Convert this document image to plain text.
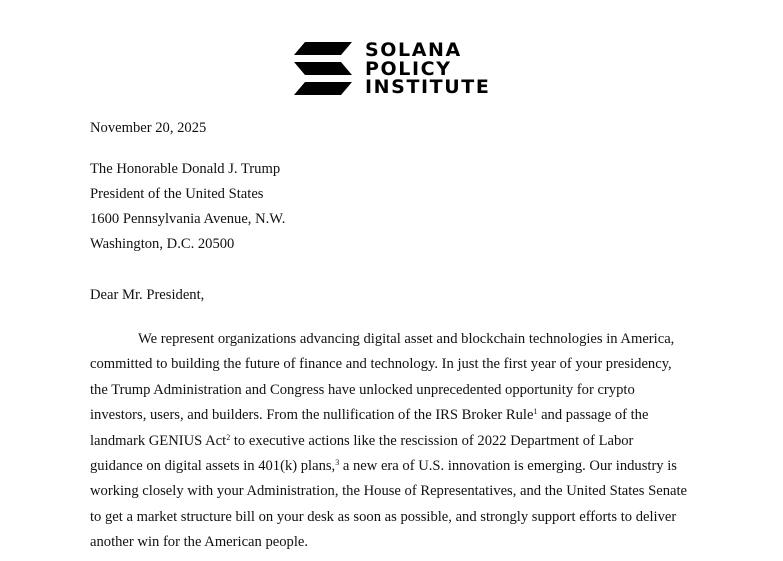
SOLANA
POLICY
INSTITUTE
November 20, 2025
The Honorable Donald J. Trump
President of the United States
1600 Pennsylvania Avenue, N.W.
Washington, D.C. 20500
Dear Mr. President,
We represent organizations advancing digital asset and blockchain technologies in America,
committed to building the future of finance and technology. In just the first year of your presidency,
the Trump Administration and Congress have unlocked unprecedented opportunity for crypto
investors, users, and builders. From the nullification of the IRS Broker Rule$^1$ and passage of the
landmark GENIUS Act$^2$ to executive actions like the rescission of 2022 Department of Labor
guidance on digital assets in 401(k) plans,$^3$ a new era of U.S. innovation is emerging. Our industry is
working closely with your Administration, the House of Representatives, and the United States Senate
to get a market structure bill on your desk as soon as possible, and strongly support efforts to deliver
another win for the American people.
